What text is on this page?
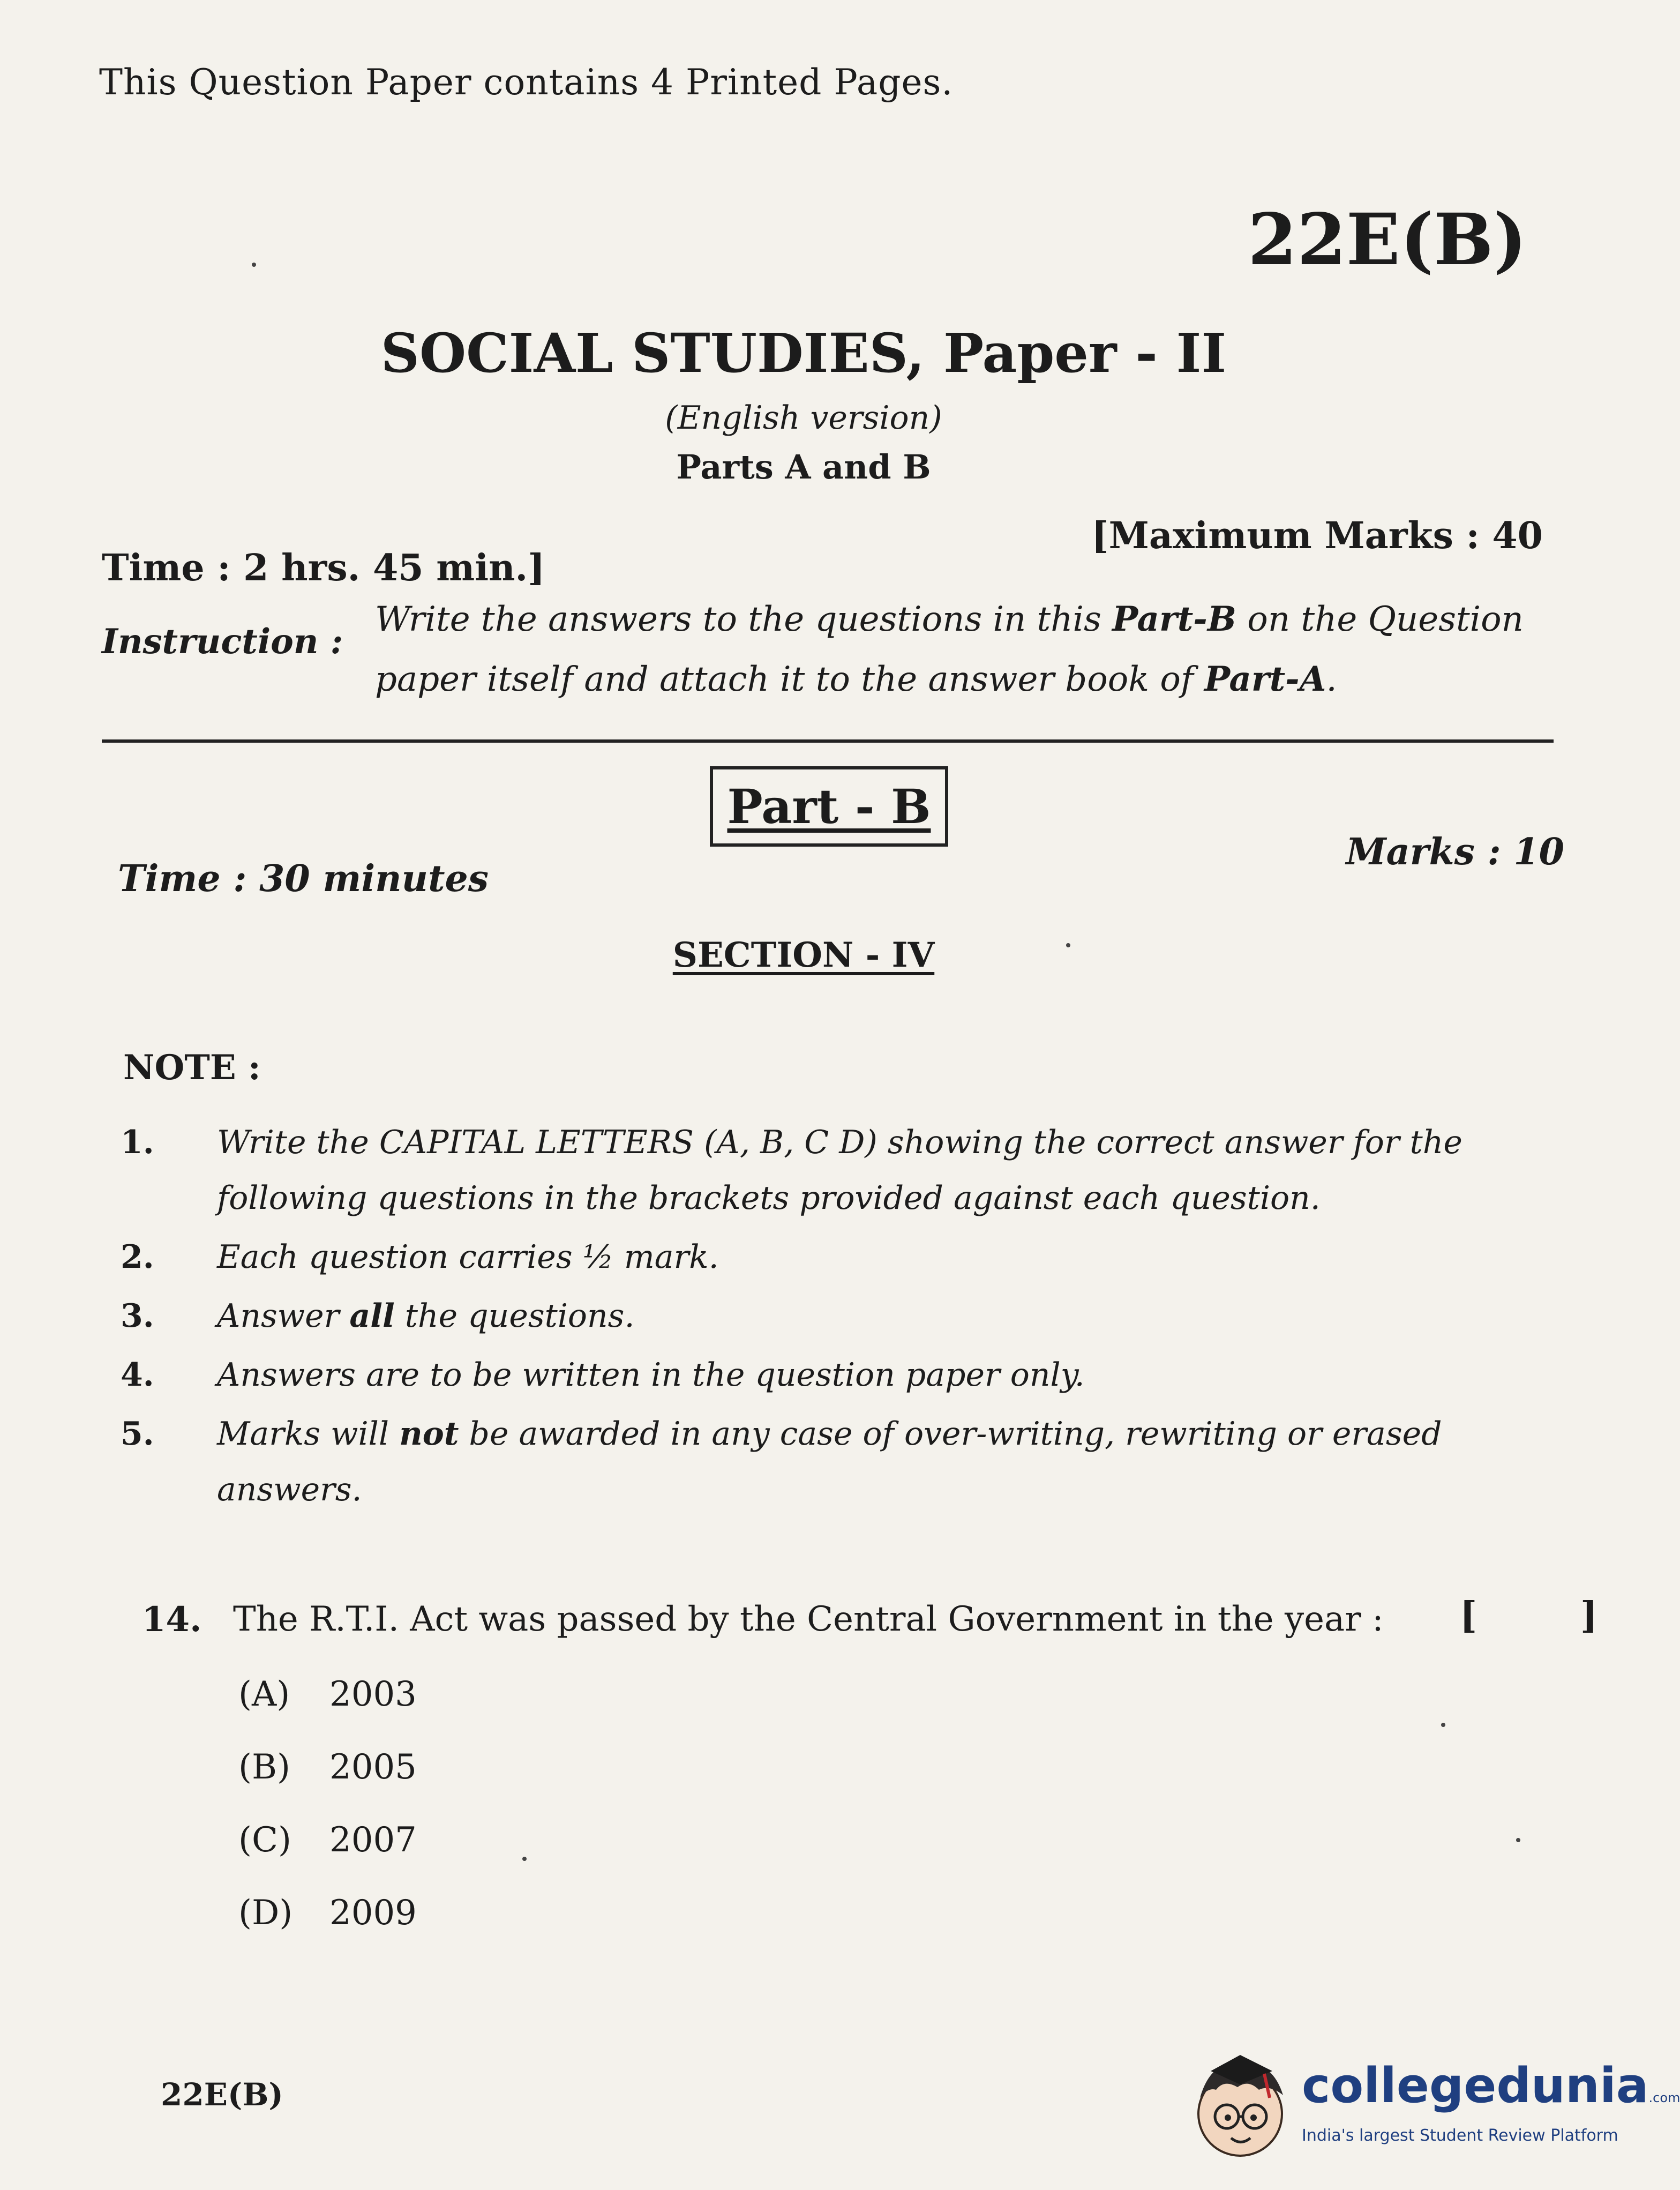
This Question Paper contains 4 Printed Pages.
22E(B)
SOCIAL STUDIES, Paper - II
(English version)
Parts A and B
Time : 2 hrs. 45 min.]
[Maximum Marks : 40
Instruction :
Write the answers to the questions in this Part-B on the Question paper itself and attach it to the answer book of Part-A.
Part - B
Time : 30 minutes
Marks : 10
SECTION - IV
NOTE :
1.	Write the CAPITAL LETTERS (A, B, C D) showing the correct answer for the following questions in the brackets provided against each question.
2.	Each question carries ½ mark.
3.	Answer all the questions.
4.	Answers are to be written in the question paper only.
5.	Marks will not be awarded in any case of over-writing, rewriting or erased answers.
14. The R.T.I. Act was passed by the Central Government in the year : [	]
(A)	2003
(B)	2005
(C)	2007
(D)	2009
22E(B)	collegedunia.com
India's largest Student Review Platform
